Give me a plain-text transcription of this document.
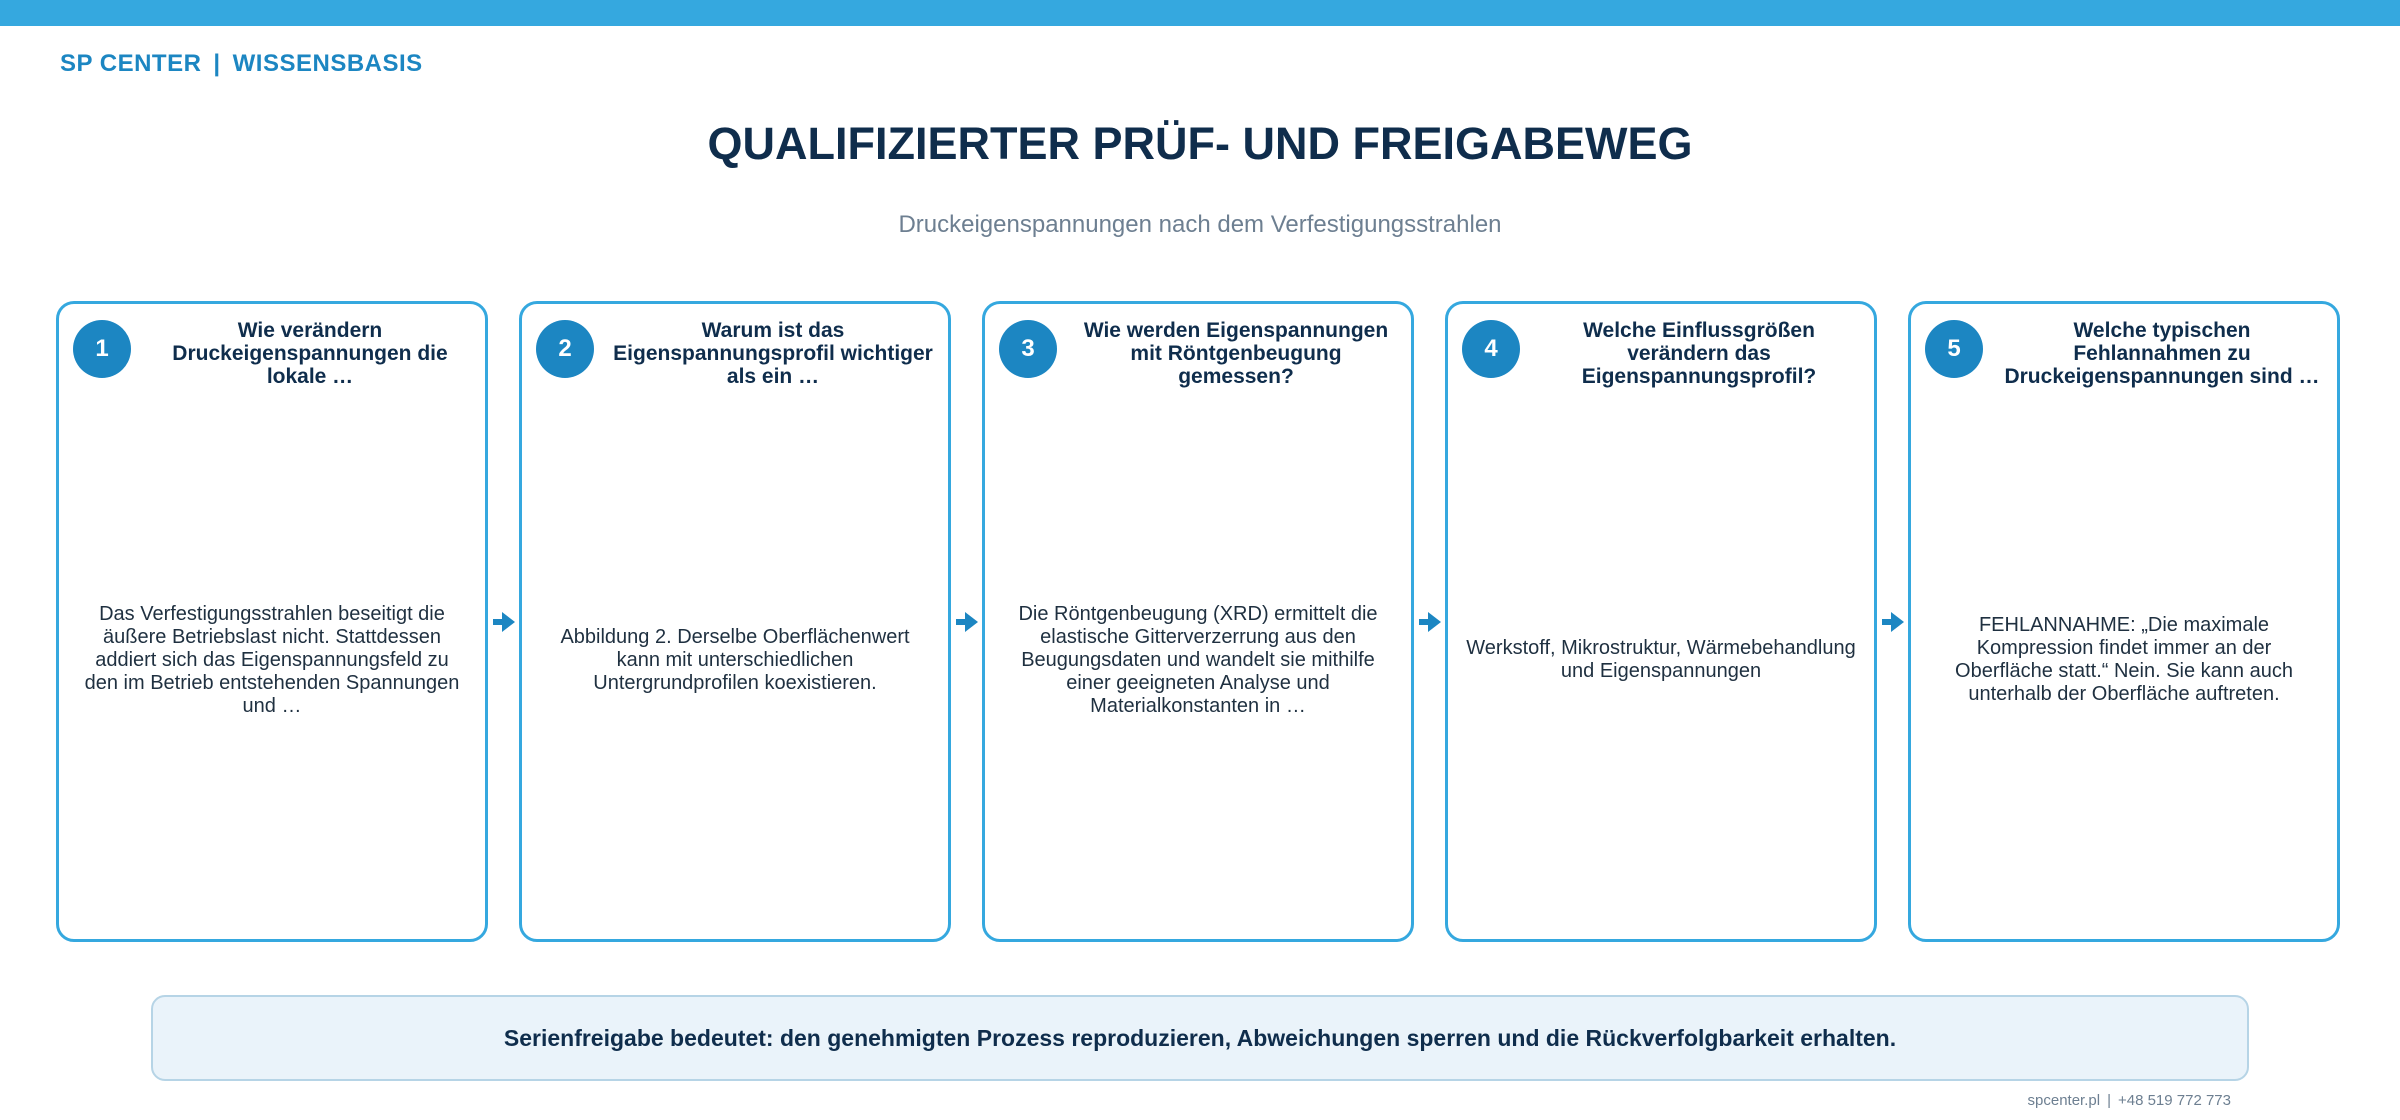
SP CENTER | WISSENSBASIS
QUALIFIZIERTER PRÜF- UND FREIGABEWEG
Druckeigenspannungen nach dem Verfestigungsstrahlen
1
Wie verändern Druckeigenspannungen die lokale …
Das Verfestigungsstrahlen beseitigt die äußere Betriebslast nicht. Stattdessen addiert sich das Eigenspannungsfeld zu den im Betrieb entstehenden Spannungen und …
2
Warum ist das Eigenspannungsprofil wichtiger als ein …
Abbildung 2. Derselbe Oberflächenwert kann mit unterschiedlichen Untergrundprofilen koexistieren.
3
Wie werden Eigenspannungen mit Röntgenbeugung gemessen?
Die Röntgenbeugung (XRD) ermittelt die elastische Gitterverzerrung aus den Beugungsdaten und wandelt sie mithilfe einer geeigneten Analyse und Materialkonstanten in …
4
Welche Einflussgrößen verändern das Eigenspannungsprofil?
Werkstoff, Mikrostruktur, Wärmebehandlung und Eigenspannungen
5
Welche typischen Fehlannahmen zu Druckeigenspannungen sind …
FEHLANNAHME: „Die maximale Kompression findet immer an der Oberfläche statt.“ Nein. Sie kann auch unterhalb der Oberfläche auftreten.
Serienfreigabe bedeutet: den genehmigten Prozess reproduzieren, Abweichungen sperren und die Rückverfolgbarkeit erhalten.
spcenter.pl | +48 519 772 773
